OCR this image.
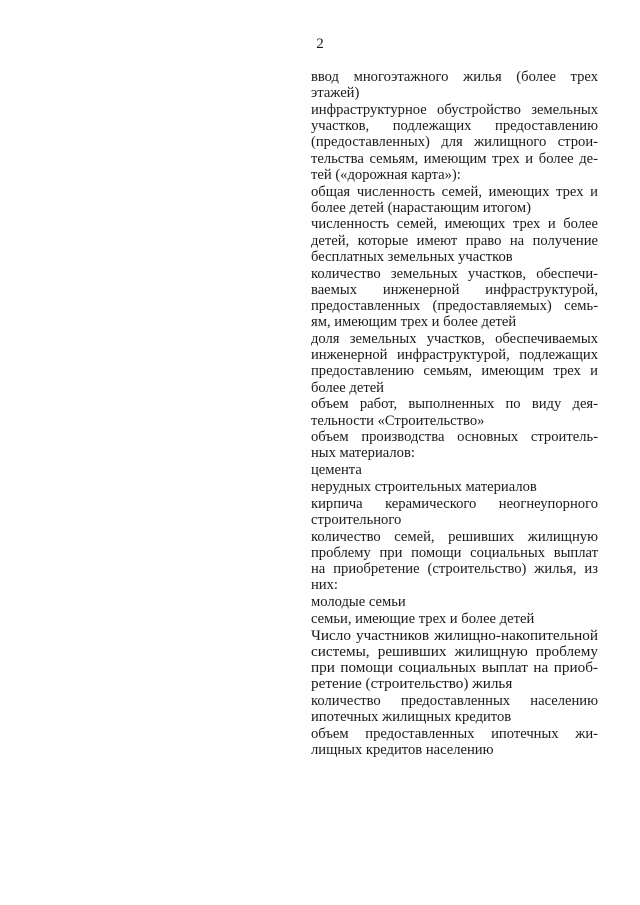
2
ввод многоэтажного жилья (более трех
этажей)
инфраструктурное обустройство земельных
участков, подлежащих предоставлению
(предоставленных) для жилищного строи-
тельства семьям, имеющим трех и более де-
тей («дорожная карта»):
общая численность семей, имеющих трех и
более детей (нарастающим итогом)
численность семей, имеющих трех и более
детей, которые имеют право на получение
бесплатных земельных участков
количество земельных участков, обеспечи-
ваемых инженерной инфраструктурой,
предоставленных (предоставляемых) семь-
ям, имеющим трех и более детей
доля земельных участков, обеспечиваемых
инженерной инфраструктурой, подлежащих
предоставлению семьям, имеющим трех и
более детей
объем работ, выполненных по виду дея-
тельности «Строительство»
объем производства основных строитель-
ных материалов:
цемента
нерудных строительных материалов
кирпича керамического неогнеупорного
строительного
количество семей, решивших жилищную
проблему при помощи социальных выплат
на приобретение (строительство) жилья, из
них:
молодые семьи
семьи, имеющие трех и более детей
Число участников жилищно-накопительной
системы, решивших жилищную проблему
при помощи социальных выплат на приоб-
ретение (строительство) жилья
количество предоставленных населению
ипотечных жилищных кредитов
объем предоставленных ипотечных жи-
лищных кредитов населению
